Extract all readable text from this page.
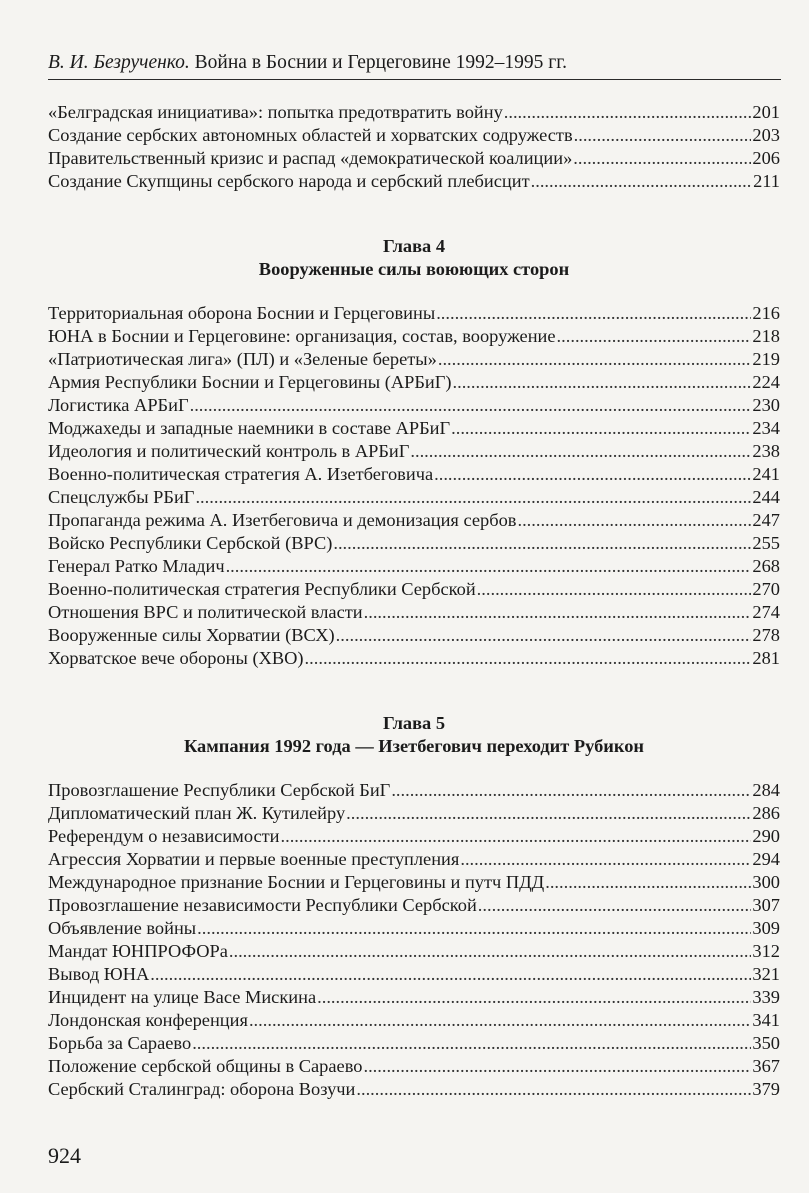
В. И. Безрученко. Война в Боснии и Герцеговине 1992–1995 гг.
«Белградская инициатива»: попытка предотвратить войну .....	201
Создание сербских автономных областей и хорватских содружеств .....	203
Правительственный кризис и распад «демократической коалиции» .....	206
Создание Скупщины сербского народа и сербский плебисцит .....	211
Глава 4
Вооруженные силы воюющих сторон
Территориальная оборона Боснии и Герцеговины .....	216
ЮНА в Боснии и Герцеговине: организация, состав, вооружение .....	218
«Патриотическая лига» (ПЛ) и «Зеленые береты» .....	219
Армия Республики Боснии и Герцеговины (АРБиГ) .....	224
Логистика АРБиГ .....	230
Моджахеды и западные наемники в составе АРБиГ .....	234
Идеология и политический контроль в АРБиГ .....	238
Военно-политическая стратегия А. Изетбеговича .....	241
Спецслужбы РБиГ .....	244
Пропаганда режима А. Изетбеговича и демонизация сербов .....	247
Войско Республики Сербской (ВРС) .....	255
Генерал Ратко Младич .....	268
Военно-политическая стратегия Республики Сербской .....	270
Отношения ВРС и политической власти .....	274
Вооруженные силы Хорватии (ВСХ) .....	278
Хорватское вече обороны (ХВО) .....	281
Глава 5
Кампания 1992 года — Изетбегович переходит Рубикон
Провозглашение Республики Сербской БиГ .....	284
Дипломатический план Ж. Кутилейру .....	286
Референдум о независимости .....	290
Агрессия Хорватии и первые военные преступления .....	294
Международное признание Боснии и Герцеговины и путч ПДД .....	300
Провозглашение независимости Республики Сербской .....	307
Объявление войны .....	309
Мандат ЮНПРОФОРа .....	312
Вывод ЮНА .....	321
Инцидент на улице Васе Мискина .....	339
Лондонская конференция .....	341
Борьба за Сараево .....	350
Положение сербской общины в Сараево .....	367
Сербский Сталинград: оборона Возучи .....	379
924
